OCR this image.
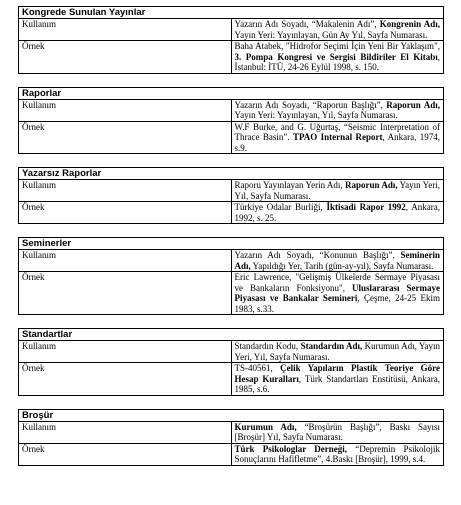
Kongrede Sunulan Yayınlar	
Kullanım	Yazarın Adı Soyadı, “Makalenin Adı”, Kongrenin Adı, Yayın Yeri: Yayınlayan, Gün Ay Yıl, Sayfa Numarası.
Örnek	Baha Atabek, "Hidrofor Seçimi İçin Yeni Bir Yaklaşım", 3. Pompa Kongresi ve Sergisi Bildiriler El Kitabı, İstanbul: İTÜ, 24-26 Eylül 1998, s. 150.
Raporlar	
Kullanım	Yazarın Adı Soyadı, “Raporun Başlığı”, Raporun Adı, Yayın Yeri: Yayınlayan, Yıl, Sayfa Numarası.
Örnek	W.F Burke, and G. Uğurtaş, “Seismic Interpretation of Thrace Basin”. TPAO Internal Report, Ankara, 1974, s.9.
Yazarsız Raporlar	
Kullanım	Raporu Yayınlayan Yerin Adı, Raporun Adı, Yayın Yeri, Yıl, Sayfa Numarası.
Örnek	Türkiye Odalar Burliği, İktisadi Rapor 1992, Ankara, 1992, s. 25.
Seminerler	
Kullanım	Yazarın Adı Soyadı, “Konunun Başlığı”, Seminerin Adı, Yapıldığı Yer, Tarih (gün-ay-yıl), Sayfa Numarası.
Örnek	Eric Lawrence, "Gelişmiş Ülkelerde Sermaye Piyasası ve Bankaların Fonksiyonu", Uluslararası Sermaye Piyasası ve Bankalar Semineri, Çeşme, 24-25 Ekim 1983, s.33.
Standartlar	
Kullanım	Standardın Kodu, Standardın Adı, Kurumun Adı, Yayın Yeri, Yıl, Sayfa Numarası.
Örnek	TS-40561, Çelik Yapıların Plastik Teoriye Göre Hesap Kuralları, Türk Standartları Enstitüsü, Ankara, 1985, s.6.
Broşür	
Kullanım	Kurumun Adı, “Broşürün Başlığı”, Baskı Sayısı [Broşür] Yıl, Sayfa Numarası.
Örnek	Türk Psikologlar Derneği, “Depremin Psikolojik Sonuçlarını Hafifletme”, 4.Baskı [Broşür], 1999, s.4.
